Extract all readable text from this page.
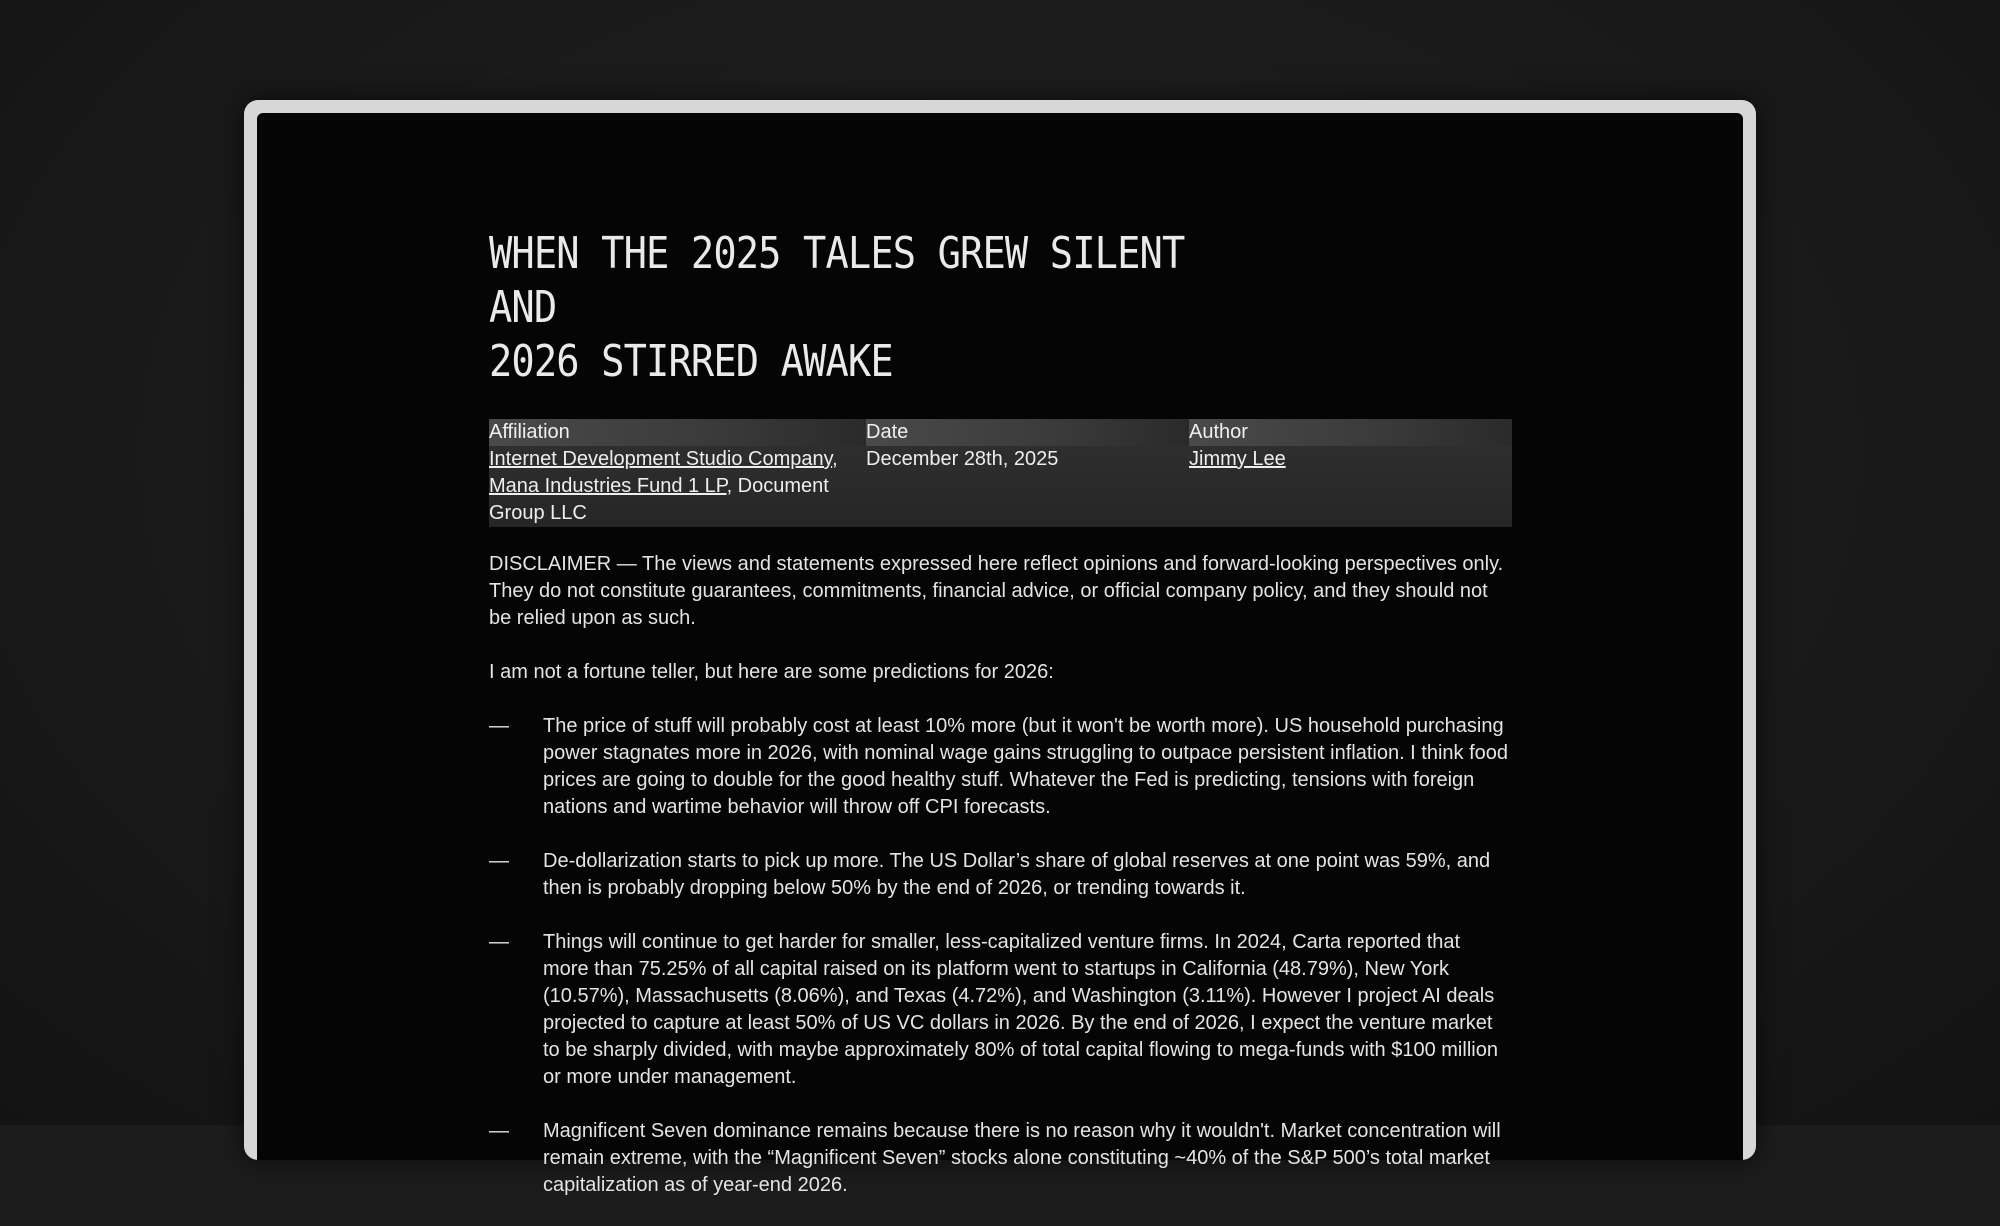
WHEN THE 2025 TALES GREW SILENT AND
2026 STIRRED AWAKE
Affiliation
Internet Development Studio Company, Mana Industries Fund 1 LP, Document Group LLC
Date
December 28th, 2025
Author
Jimmy Lee

DISCLAIMER — The views and statements expressed here reflect opinions and forward-looking perspectives only. They do not constitute guarantees, commitments, financial advice, or official company policy, and they should not be relied upon as such.

I am not a fortune teller, but here are some predictions for 2026:

—	The price of stuff will probably cost at least 10% more (but it won't be worth more). US household purchasing power stagnates more in 2026, with nominal wage gains struggling to outpace persistent inflation. I think food prices are going to double for the good healthy stuff. Whatever the Fed is predicting, tensions with foreign nations and wartime behavior will throw off CPI forecasts.
—	De-dollarization starts to pick up more. The US Dollar’s share of global reserves at one point was 59%, and then is probably dropping below 50% by the end of 2026, or trending towards it.
—	Things will continue to get harder for smaller, less-capitalized venture firms. In 2024, Carta reported that more than 75.25% of all capital raised on its platform went to startups in California (48.79%), New York (10.57%), Massachusetts (8.06%), and Texas (4.72%), and Washington (3.11%). However I project AI deals projected to capture at least 50% of US VC dollars in 2026. By the end of 2026, I expect the venture market to be sharply divided, with maybe approximately 80% of total capital flowing to mega-funds with $100 million or more under management.
—	Magnificent Seven dominance remains because there is no reason why it wouldn't. Market concentration will remain extreme, with the “Magnificent Seven” stocks alone constituting ~40% of the S&P 500’s total market capitalization as of year-end 2026.
